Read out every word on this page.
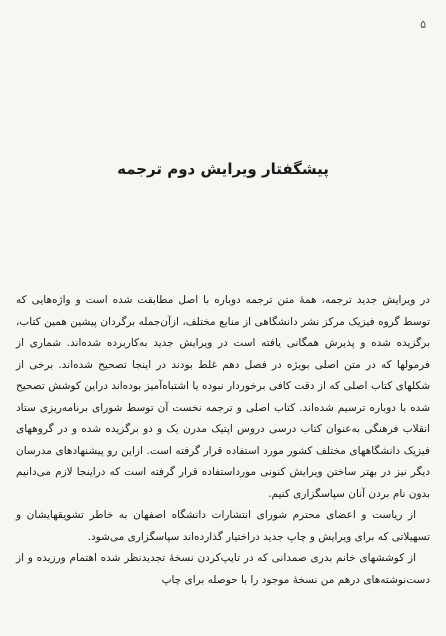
۵
پیشگفتار ویرایش دوم ترجمه

در ویرایش جدید ترجمه، همهٔ متن ترجمه دوباره با اصل مطابقت شده است و واژه‌هایی که توسط گروه فیزیک مرکز نشر دانشگاهی از منابع مختلف، ازآن‌جمله برگردان پیشین همین کتاب، برگزیده شده و پذیرش همگانی یافته است در ویرایش جدید به‌کاربرده شده‌اند. شماری از فرمولها که در متن اصلی بویژه در فصل دهم غلط بودند در اینجا تصحیح شده‌اند. برخی از شکلهای کتاب اصلی که از دقت کافی برخوردار نبوده یا اشتباه‌آمیز بوده‌اند دراین کوشش تصحیح شده با دوباره ترسیم شده‌اند. کتاب اصلی و ترجمه نخست آن توسط شورای برنامه‌ریزی ستاد انقلاب فرهنگی به‌عنوان کتاب درسی دروس اپتیک مدرن یک و دو برگزیده شده و در گروههای فیزیک دانشگاههای مختلف کشور مورد استفاده قرار گرفته است. ازاین رو پیشنهادهای مدرسان دیگر نیز در بهتر ساختن ویرایش کنونی مورداستفاده قرار گرفته است که دراینجا لازم می‌دانیم بدون نام بردن آنان سپاسگزاری کنیم.

از ریاست و اعضای محترم شورای انتشارات دانشگاه اصفهان به خاطر تشویقهایشان و تسهیلاتی که برای ویرایش و چاپ جدید دراختیار گذارده‌اند سپاسگزاری می‌شود.

از کوششهای خانم بدری صمدانی که در تایپ‌کردن نسخهٔ تجدیدنظر شده اهتمام ورزیده و از دست‌نوشته‌های درهم من نسخهٔ موجود را با حوصله برای چاپ
